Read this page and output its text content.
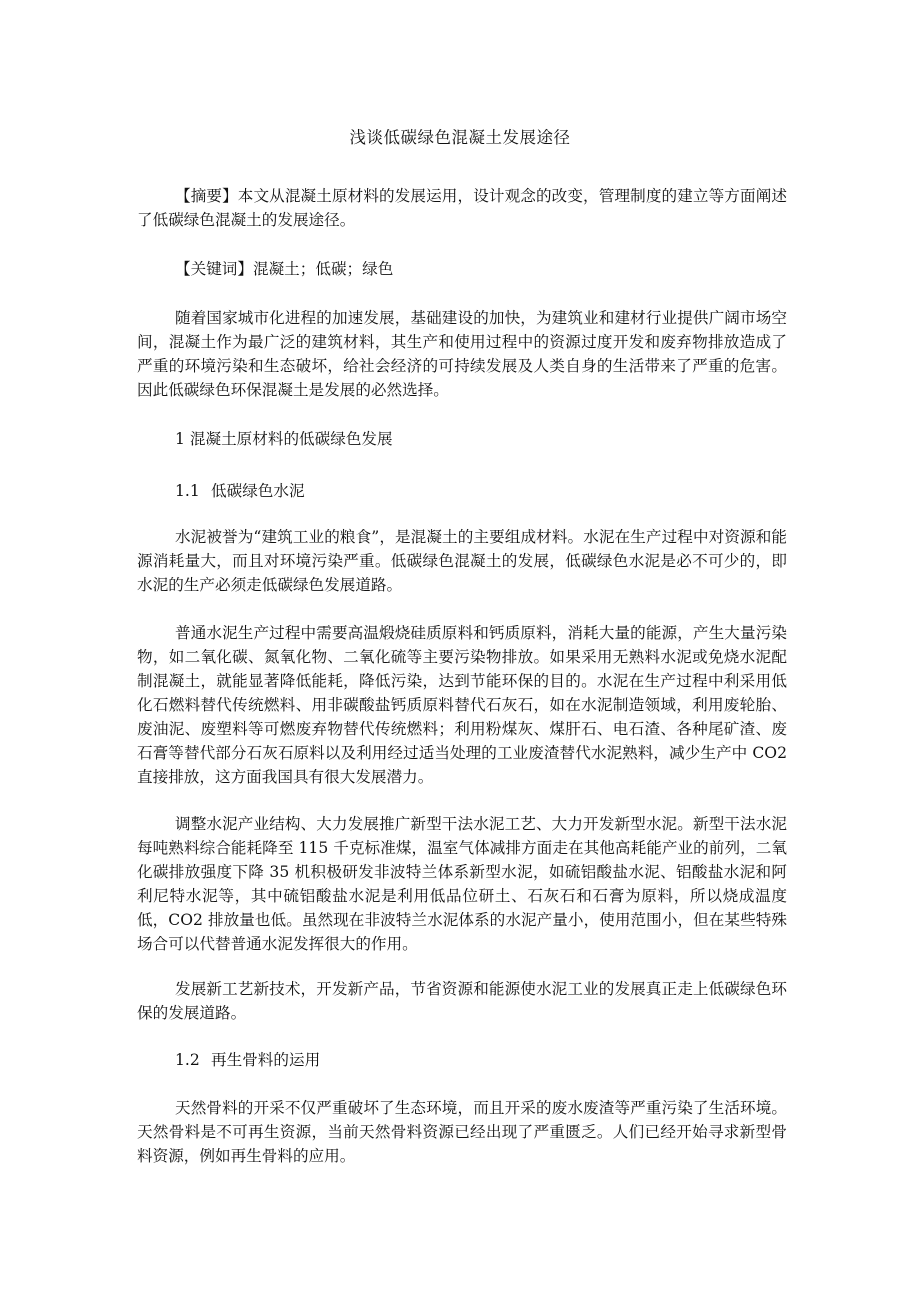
浅谈低碳绿色混凝土发展途径

【摘要】本文从混凝土原材料的发展运用，设计观念的改变，管理制度的建立等方面阐述了低碳绿色混凝土的发展途径。

【关键词】混凝土；低碳；绿色

随着国家城市化进程的加速发展，基础建设的加快，为建筑业和建材行业提供广阔市场空间，混凝土作为最广泛的建筑材料，其生产和使用过程中的资源过度开发和废弃物排放造成了严重的环境污染和生态破坏，给社会经济的可持续发展及人类自身的生活带来了严重的危害。因此低碳绿色环保混凝土是发展的必然选择。

1 混凝土原材料的低碳绿色发展

1.1 低碳绿色水泥

水泥被誉为“建筑工业的粮食”，是混凝土的主要组成材料。水泥在生产过程中对资源和能源消耗量大，而且对环境污染严重。低碳绿色混凝土的发展，低碳绿色水泥是必不可少的，即水泥的生产必须走低碳绿色发展道路。

普通水泥生产过程中需要高温煅烧硅质原料和钙质原料，消耗大量的能源，产生大量污染物，如二氧化碳、氮氧化物、二氧化硫等主要污染物排放。如果采用无熟料水泥或免烧水泥配制混凝土，就能显著降低能耗，降低污染，达到节能环保的目的。水泥在生产过程中利采用低化石燃料替代传统燃料、用非碳酸盐钙质原料替代石灰石，如在水泥制造领域，利用废轮胎、废油泥、废塑料等可燃废弃物替代传统燃料；利用粉煤灰、煤肝石、电石渣、各种尾矿渣、废石膏等替代部分石灰石原料以及利用经过适当处理的工业废渣替代水泥熟料，减少生产中 CO2 直接排放，这方面我国具有很大发展潜力。

调整水泥产业结构、大力发展推广新型干法水泥工艺、大力开发新型水泥。新型干法水泥每吨熟料综合能耗降至 115 千克标准煤，温室气体减排方面走在其他高耗能产业的前列，二氧化碳排放强度下降 35 机积极研发非波特兰体系新型水泥，如硫铝酸盐水泥、铝酸盐水泥和阿利尼特水泥等，其中硫铝酸盐水泥是利用低品位研土、石灰石和石膏为原料，所以烧成温度低，CO2 排放量也低。虽然现在非波特兰水泥体系的水泥产量小，使用范围小，但在某些特殊场合可以代替普通水泥发挥很大的作用。

发展新工艺新技术，开发新产品，节省资源和能源使水泥工业的发展真正走上低碳绿色环保的发展道路。

1.2 再生骨料的运用

天然骨料的开采不仅严重破坏了生态环境，而且开采的废水废渣等严重污染了生活环境。天然骨料是不可再生资源，当前天然骨料资源已经出现了严重匮乏。人们已经开始寻求新型骨料资源，例如再生骨料的应用。
